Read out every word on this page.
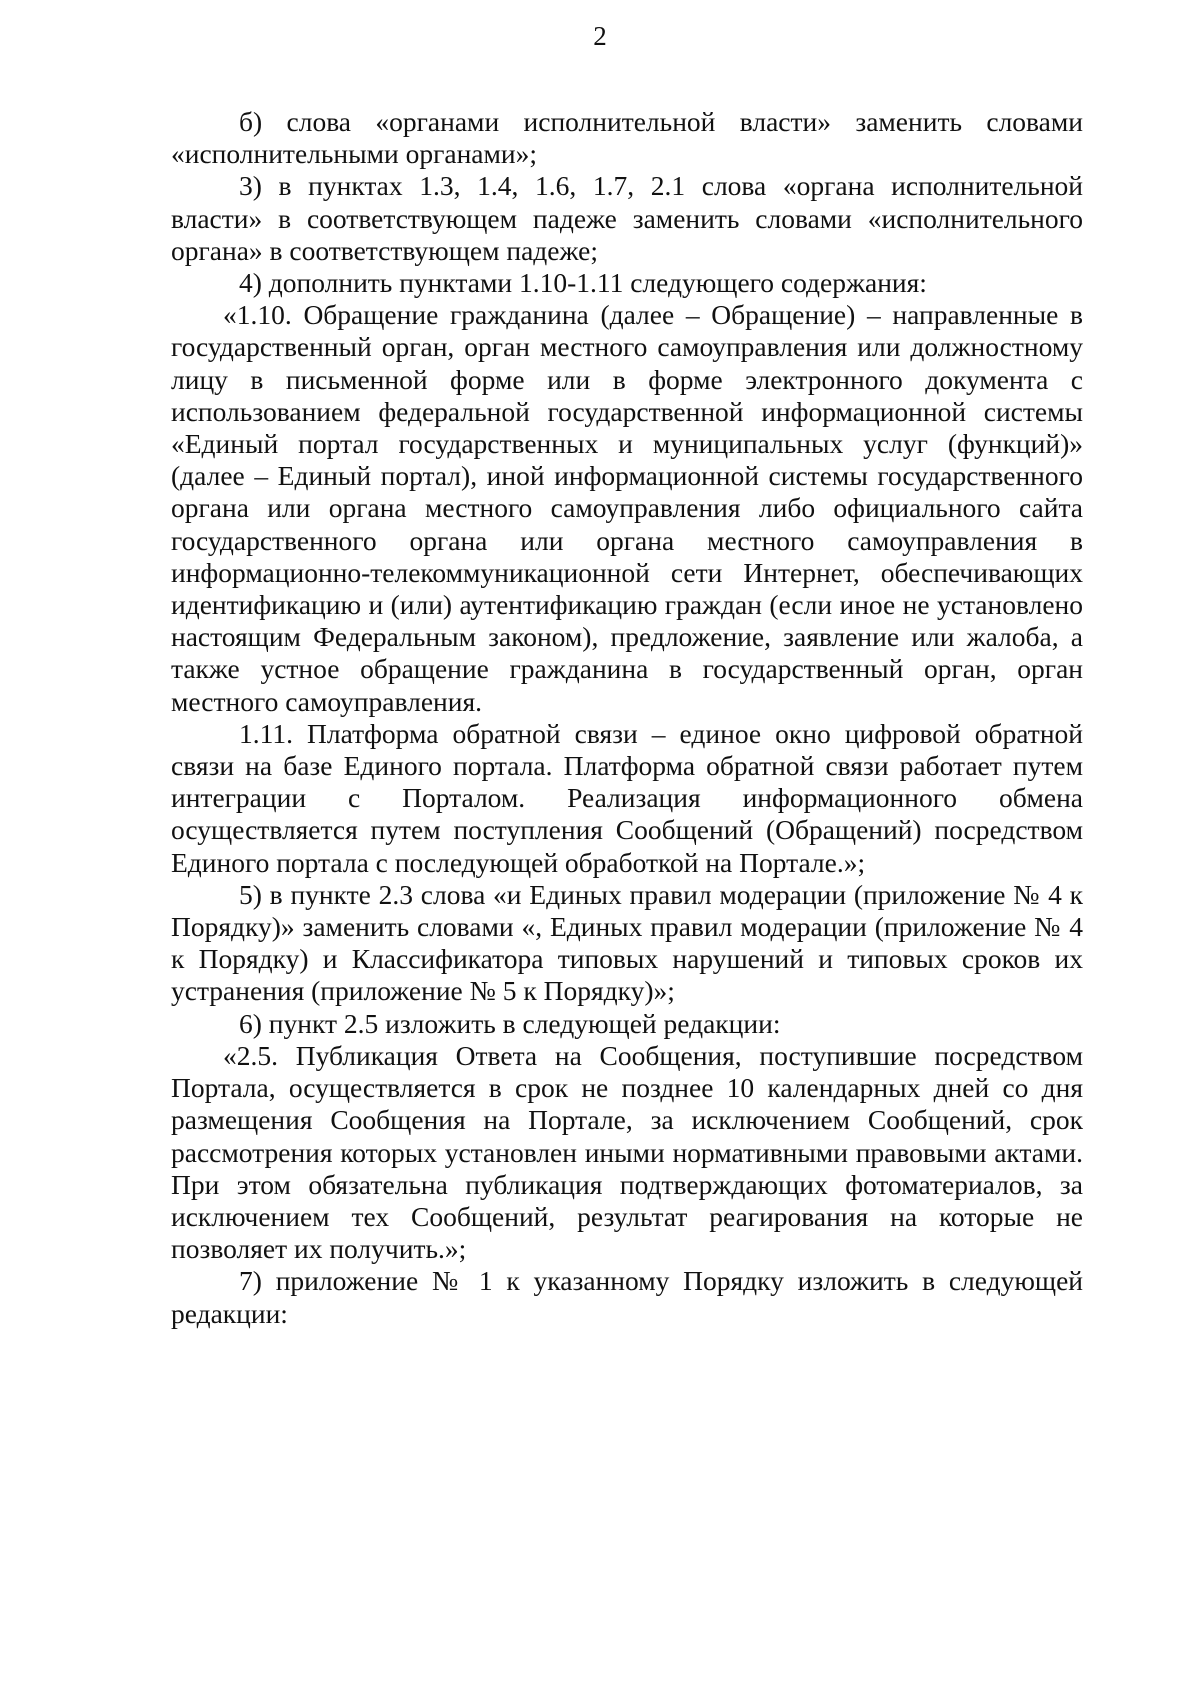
2

б) слова «органами исполнительной власти» заменить словами «исполнительными органами»;

3) в пунктах 1.3, 1.4, 1.6, 1.7, 2.1 слова «органа исполнительной власти» в соответствующем падеже заменить словами «исполнительного органа» в соответствующем падеже;

4) дополнить пунктами 1.10-1.11 следующего содержания:

«1.10. Обращение гражданина (далее – Обращение) – направленные в государственный орган, орган местного самоуправления или должностному лицу в письменной форме или в форме электронного документа с использованием федеральной государственной информационной системы «Единый портал государственных и муниципальных услуг (функций)» (далее – Единый портал), иной информационной системы государственного органа или органа местного самоуправления либо официального сайта государственного органа или органа местного самоуправления в информационно-телекоммуникационной сети Интернет, обеспечивающих идентификацию и (или) аутентификацию граждан (если иное не установлено настоящим Федеральным законом), предложение, заявление или жалоба, а также устное обращение гражданина в государственный орган, орган местного самоуправления.

1.11. Платформа обратной связи – единое окно цифровой обратной связи на базе Единого портала. Платформа обратной связи работает путем интеграции с Порталом. Реализация информационного обмена осуществляется путем поступления Сообщений (Обращений) посредством Единого портала с последующей обработкой на Портале.»;

5) в пункте 2.3 слова «и Единых правил модерации (приложение № 4 к Порядку)» заменить словами «, Единых правил модерации (приложение № 4 к Порядку) и Классификатора типовых нарушений и типовых сроков их устранения (приложение № 5 к Порядку)»;

6) пункт 2.5 изложить в следующей редакции:

«2.5. Публикация Ответа на Сообщения, поступившие посредством Портала, осуществляется в срок не позднее 10 календарных дней со дня размещения Сообщения на Портале, за исключением Сообщений, срок рассмотрения которых установлен иными нормативными правовыми актами. При этом обязательна публикация подтверждающих фотоматериалов, за исключением тех Сообщений, результат реагирования на которые не позволяет их получить.»;

7) приложение № 1 к указанному Порядку изложить в следующей редакции:
